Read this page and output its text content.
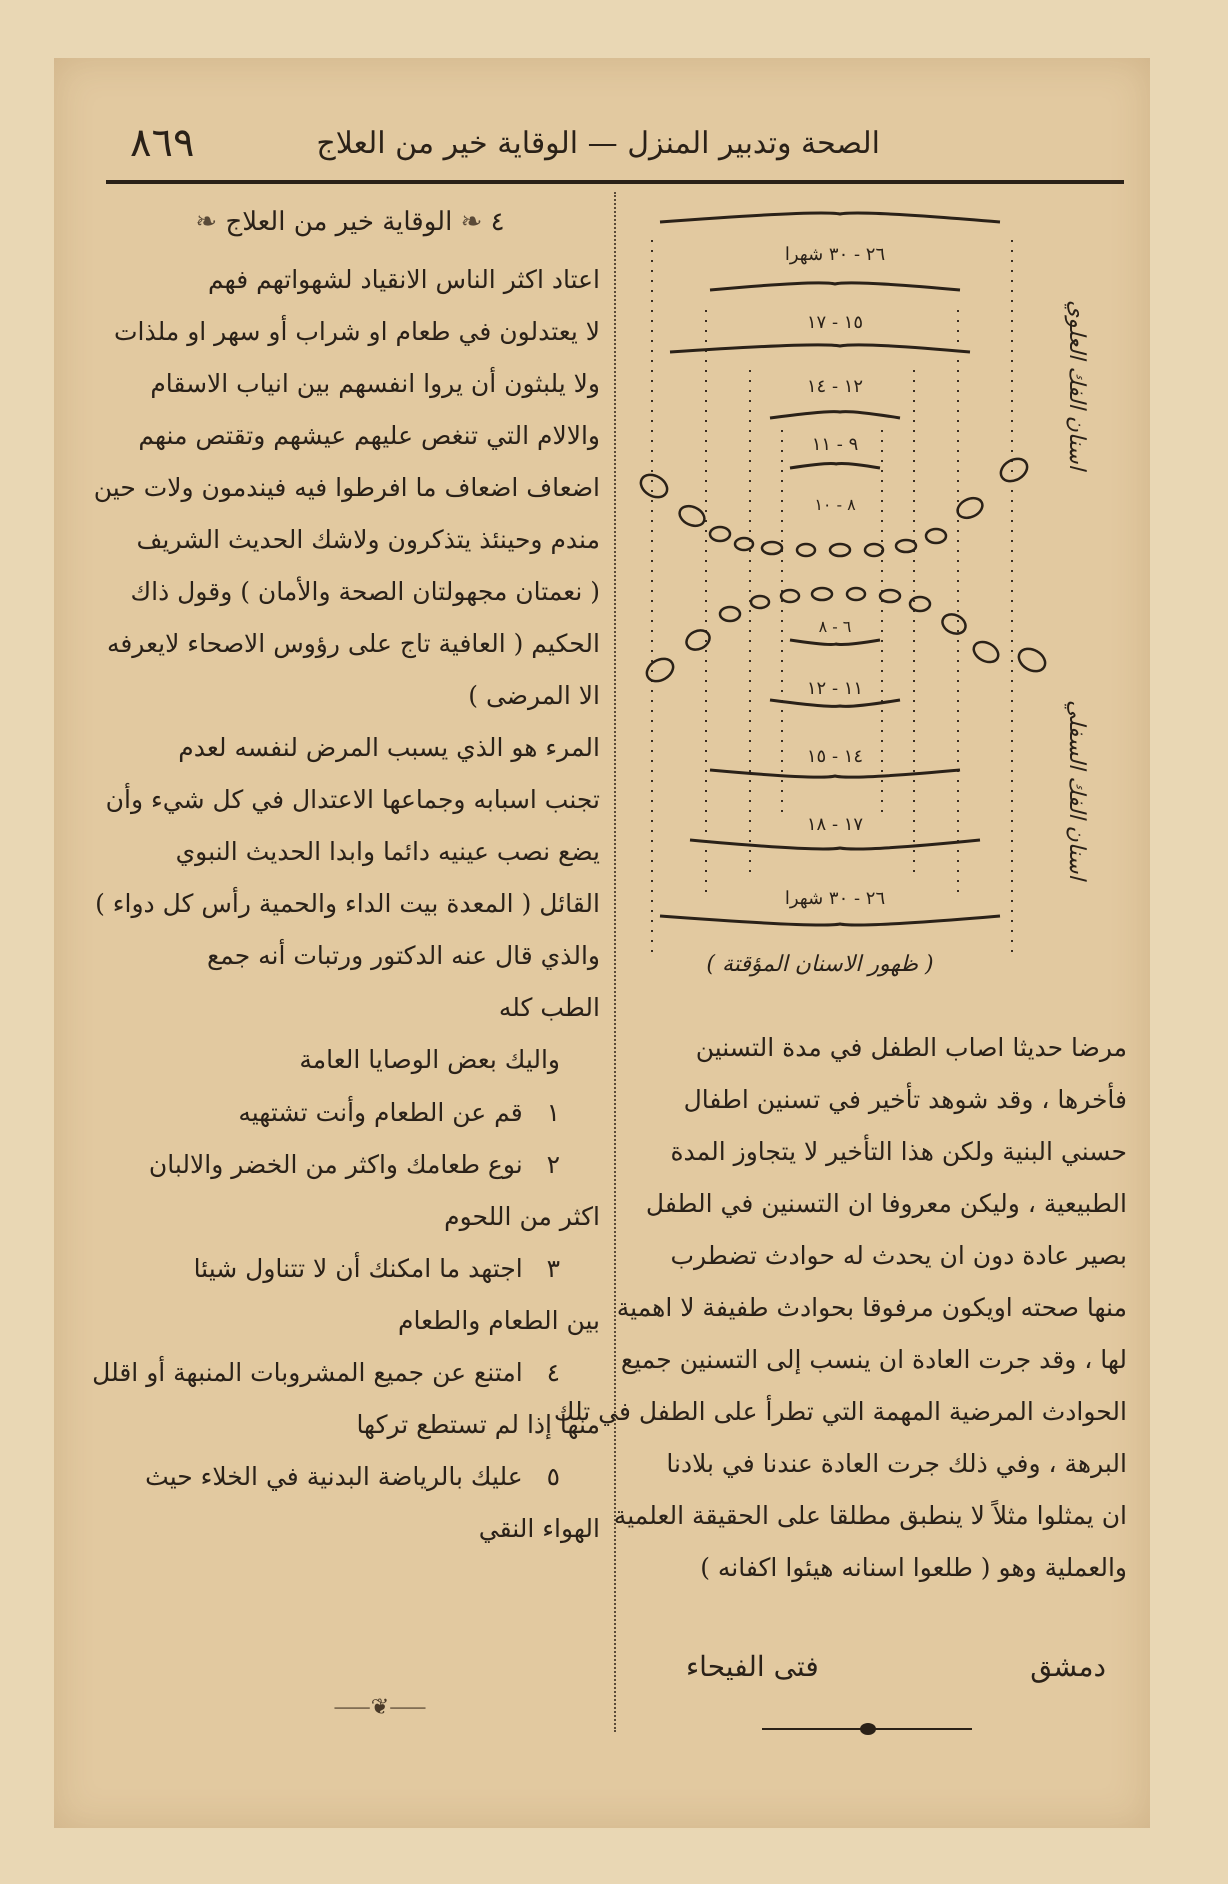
الصحة وتدبير المنزل — الوقاية خير من العلاج
٨٦٩
٤ ❧ الوقاية خير من العلاج ❧
اعتاد اكثر الناس الانقياد لشهواتهم فهم
لا يعتدلون في طعام او شراب أو سهر او ملذات
ولا يلبثون أن يروا انفسهم بين انياب الاسقام
والالام التي تنغص عليهم عيشهم وتقتص منهم
اضعاف اضعاف ما افرطوا فيه فيندمون ولات حين
مندم وحينئذ يتذكرون ولاشك الحديث الشريف
( نعمتان مجهولتان الصحة والأمان ) وقول ذاك
الحكيم ( العافية تاج على رؤوس الاصحاء لايعرفه
الا المرضى )
المرء هو الذي يسبب المرض لنفسه لعدم
تجنب اسبابه وجماعها الاعتدال في كل شيء وأن
يضع نصب عينيه دائما وابدا الحديث النبوي
القائل ( المعدة بيت الداء والحمية رأس كل دواء )
والذي قال عنه الدكتور ورتبات أنه جمع
الطب كله
واليك بعض الوصايا العامة
١   قم عن الطعام وأنت تشتهيه
٢   نوع طعامك واكثر من الخضر والالبان
اكثر من اللحوم
٣   اجتهد ما امكنك أن لا تتناول شيئا
بين الطعام والطعام
٤   امتنع عن جميع المشروبات المنبهة أو اقلل
منها إذا لم تستطع تركها
٥   عليك بالرياضة البدنية في الخلاء حيث
الهواء النقي
⸺❦⸺
٢٦ - ٣٠ شهرا
١٥ - ١٧
١٢ - ١٤
٩ - ١١
٨ - ١٠
٦ - ٨
١١ - ١٢
١٤ - ١٥
١٧ - ١٨
٢٦ - ٣٠ شهرا
اسنان الفك العلوي
اسنان الفك السفلي
( ظهور الاسنان المؤقتة )
مرضا حديثا اصاب الطفل في مدة التسنين
فأخرها ، وقد شوهد تأخير في تسنين اطفال
حسني البنية ولكن هذا التأخير لا يتجاوز المدة
الطبيعية ، وليكن معروفا ان التسنين في الطفل
بصير عادة دون ان يحدث له حوادث تضطرب
منها صحته اويكون مرفوقا بحوادث طفيفة لا اهمية
لها ، وقد جرت العادة ان ينسب إلى التسنين جميع
الحوادث المرضية المهمة التي تطرأ على الطفل في تلك
البرهة ، وفي ذلك جرت العادة عندنا في بلادنا
ان يمثلوا مثلاً لا ينطبق مطلقا على الحقيقة العلمية
والعملية وهو ( طلعوا اسنانه هيئوا اكفانه )
دمشق
فتى الفيحاء
